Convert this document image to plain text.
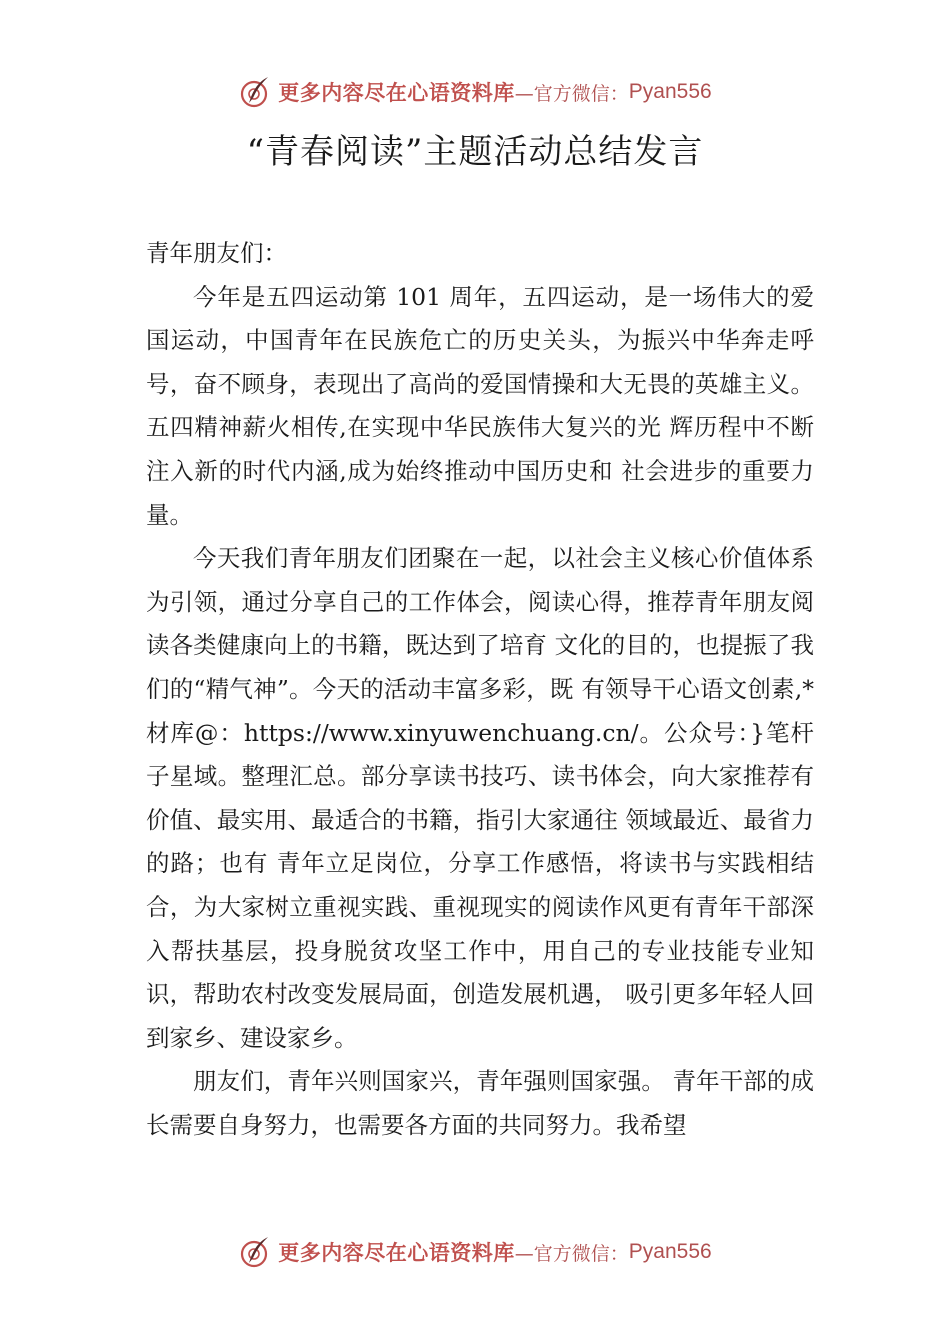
更多内容尽在心语资料库 —官方微信： Pyan556
“青春阅读”主题活动总结发言

青年朋友们：

今年是五四运动第 101 周年，五四运动，是一场伟大的爱国运动，中国青年在民族危亡的历史关头，为振兴中华奔走呼号，奋不顾身，表现出了高尚的爱国情操和大无畏的英雄主义。五四精神薪火相传,在实现中华民族伟大复兴的光 辉历程中不断注入新的时代内涵,成为始终推动中国历史和 社会进步的重要力量。

今天我们青年朋友们团聚在一起，以社会主义核心价值体系为引领，通过分享自己的工作体会，阅读心得，推荐青年朋友阅读各类健康向上的书籍，既达到了培育 文化的目的，也提振了我们的“精气神”。今天的活动丰富多彩，既 有领导干心语文创素,*材库@：https://www.xinyuwenchuang.cn/。公众号：}笔杆子星域。整理汇总。部分享读书技巧、读书体会，向大家推荐有价值、最实用、最适合的书籍，指引大家通往 领域最近、最省力的路；也有 青年立足岗位，分享工作感悟，将读书与实践相结合，为大家树立重视实践、重视现实的阅读作风更有青年干部深入帮扶基层，投身脱贫攻坚工作中，用自己的专业技能专业知识，帮助农村改变发展局面，创造发展机遇， 吸引更多年轻人回到家乡、建设家乡。

朋友们，青年兴则国家兴，青年强则国家强。 青年干部的成长需要自身努力，也需要各方面的共同努力。我希望

更多内容尽在心语资料库 —官方微信： Pyan556
